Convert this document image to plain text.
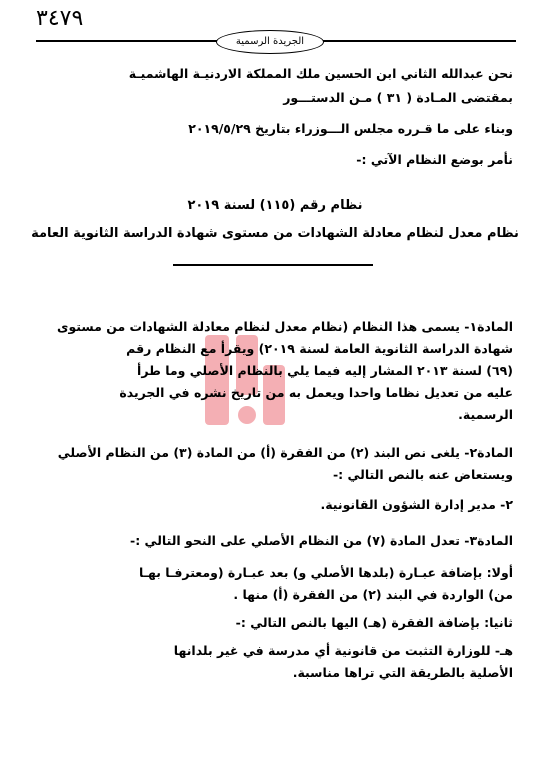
٣٤٧٩
الجريدة الرسمية
نحن عبدالله الثاني ابن الحسين ملك المملكة الاردنيـة الهاشميـة
بمقتضى المـادة ( ٣١ ) مـن الدستـــور
وبناء على ما قـرره مجلس الـــوزراء بتاريخ ٢٠١٩/٥/٢٩
نأمر بوضع النظام الآتي :-
نظام رقم (١١٥) لسنة ٢٠١٩
نظام معدل لنظام معادلة الشهادات من مستوى شهادة الدراسة الثانوية العامة
المادة١- يسمى هذا النظام (نظام معدل لنظام معادلة الشهادات من مستوى
شهادة الدراسة الثانوية العامة لسنة ٢٠١٩) ويقرأ مع النظام رقم
(٦٩) لسنة ٢٠١٣ المشار إليه فيما يلي بالنظام الأصلي وما طرأ
عليه من تعديل نظاما واحدا ويعمل به من تاريخ نشره في الجريدة
الرسمية.
المادة٢- يلغى نص البند (٢) من الفقرة (أ) من المادة (٣) من النظام الأصلي
ويستعاض عنه بالنص التالي :-
٢- مدير إدارة الشؤون القانونية.
المادة٣- تعدل المادة (٧) من النظام الأصلي على النحو التالي :-
أولا: بإضافة عبـارة (بلدها الأصلي و) بعد عبـارة (ومعترفـا بهـا
من) الواردة في البند (٢) من الفقرة (أ) منها .
ثانيا: بإضافة الفقرة (هـ) اليها بالنص التالي :-
هـ- للوزارة التثبت من قانونية أي مدرسة في غير بلدانها
الأصلية بالطريقة التي تراها مناسبة.
